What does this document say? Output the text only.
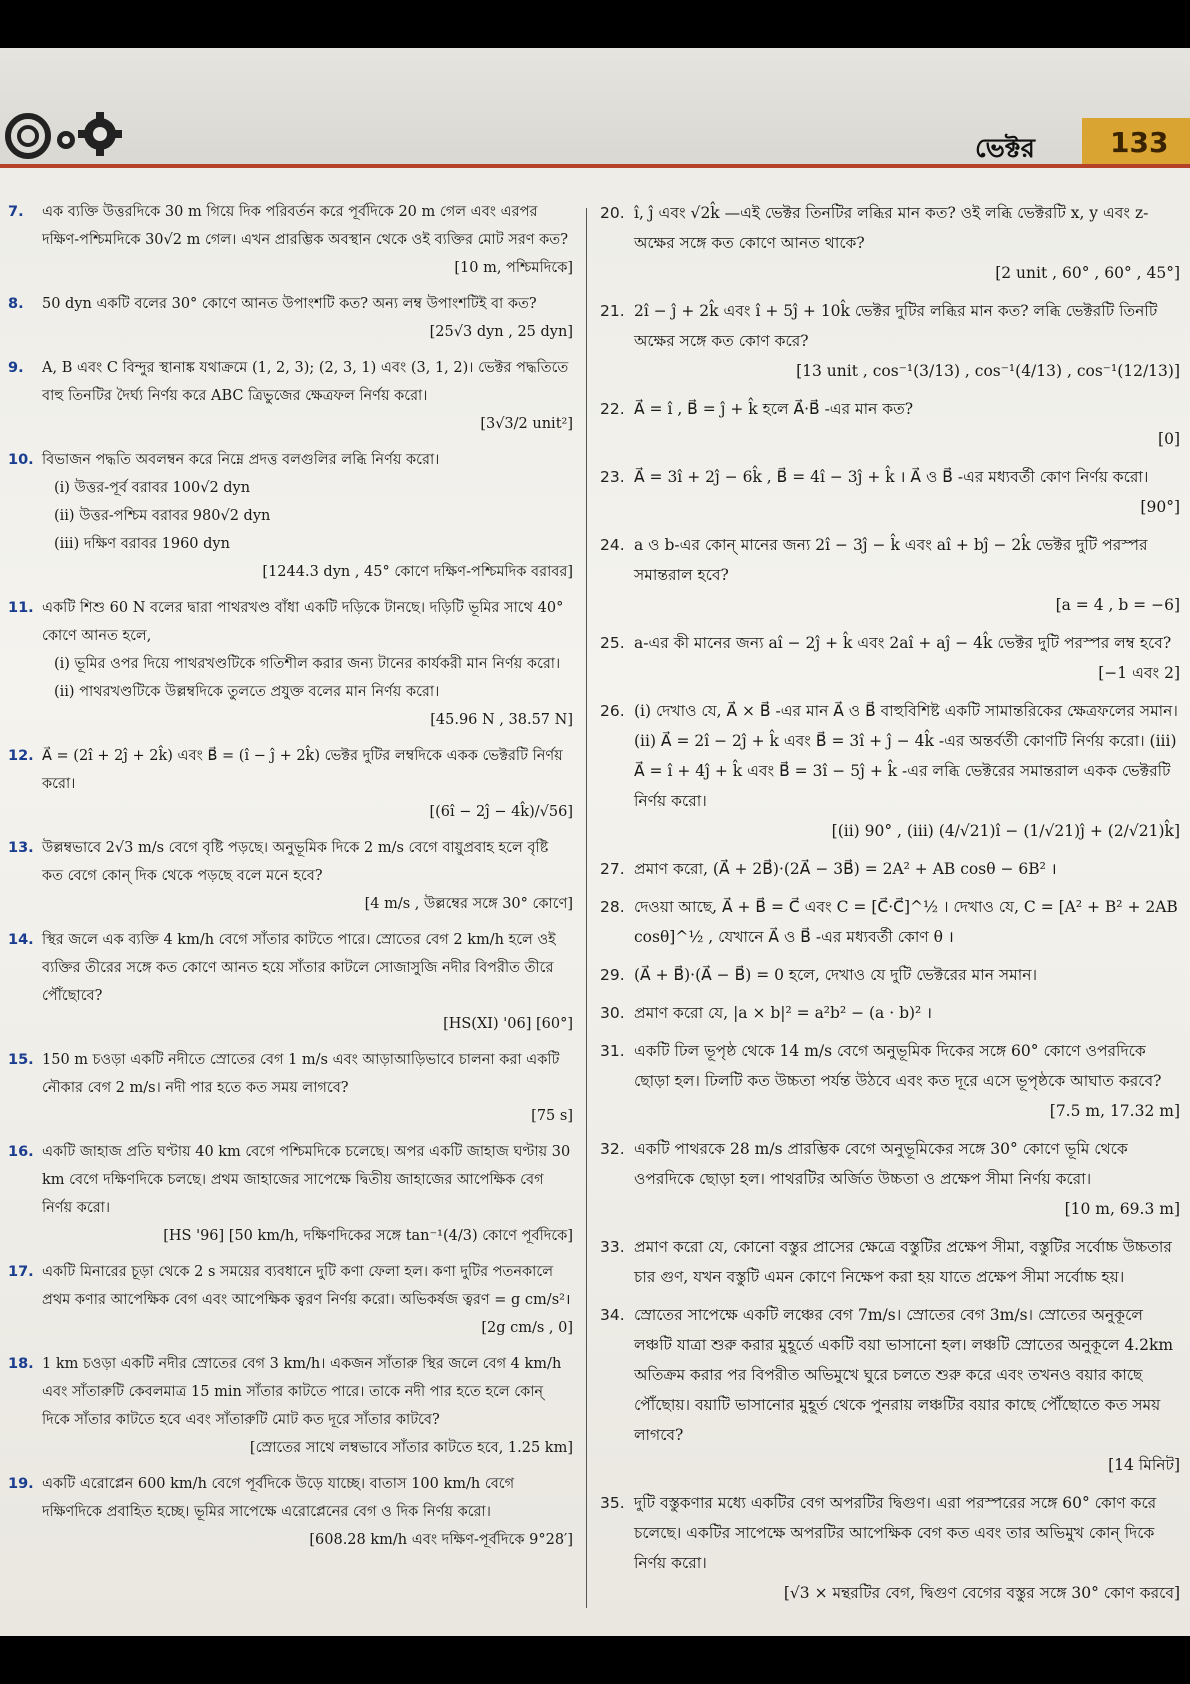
ভেক্টর	133
7.	এক ব্যক্তি উত্তরদিকে 30 m গিয়ে দিক পরিবর্তন করে পূর্বদিকে 20 m গেল এবং এরপর দক্ষিণ-পশ্চিমদিকে 30√2 m গেল। এখন প্রারম্ভিক অবস্থান থেকে ওই ব্যক্তির মোট সরণ কত?
[10 m, পশ্চিমদিকে]
8.	50 dyn একটি বলের 30° কোণে আনত উপাংশটি কত? অন্য লম্ব উপাংশটিই বা কত?
[25√3 dyn , 25 dyn]
9.	A, B এবং C বিন্দুর স্থানাঙ্ক যথাক্রমে (1, 2, 3); (2, 3, 1) এবং (3, 1, 2)। ভেক্টর পদ্ধতিতে বাহু তিনটির দৈর্ঘ্য নির্ণয় করে ABC ত্রিভুজের ক্ষেত্রফল নির্ণয় করো।
[3√3/2 unit²]
10. বিভাজন পদ্ধতি অবলম্বন করে নিম্নে প্রদত্ত বলগুলির লব্ধি নির্ণয় করো।
(i) উত্তর-পূর্ব বরাবর 100√2 dyn
(ii) উত্তর-পশ্চিম বরাবর 980√2 dyn
(iii) দক্ষিণ বরাবর 1960 dyn
[1244.3 dyn , 45° কোণে দক্ষিণ-পশ্চিমদিক বরাবর]
11. একটি শিশু 60 N বলের দ্বারা পাথরখণ্ড বাঁধা একটি দড়িকে টানছে। দড়িটি ভূমির সাথে 40° কোণে আনত হলে,
(i) ভূমির ওপর দিয়ে পাথরখণ্ডটিকে গতিশীল করার জন্য টানের কার্যকরী মান নির্ণয় করো।
(ii) পাথরখণ্ডটিকে উল্লম্বদিকে তুলতে প্রযুক্ত বলের মান নির্ণয় করো।
[45.96 N , 38.57 N]
12. A⃗ = (2î + 2ĵ + 2k̂) এবং B⃗ = (î − ĵ + 2k̂) ভেক্টর দুটির লম্বদিকে একক ভেক্টরটি নির্ণয় করো।
[(6î − 2ĵ − 4k̂)/√56]
13. উল্লম্বভাবে 2√3 m/s বেগে বৃষ্টি পড়ছে। অনুভূমিক দিকে 2 m/s বেগে বায়ুপ্রবাহ হলে বৃষ্টি কত বেগে কোন্ দিক থেকে পড়ছে বলে মনে হবে?
[4 m/s , উল্লম্বের সঙ্গে 30° কোণে]
14. স্থির জলে এক ব্যক্তি 4 km/h বেগে সাঁতার কাটতে পারে। স্রোতের বেগ 2 km/h হলে ওই ব্যক্তির তীরের সঙ্গে কত কোণে আনত হয়ে সাঁতার কাটলে সোজাসুজি নদীর বিপরীত তীরে পৌঁছোবে?
[HS(XI) '06] [60°]
15. 150 m চওড়া একটি নদীতে স্রোতের বেগ 1 m/s এবং আড়াআড়িভাবে চালনা করা একটি নৌকার বেগ 2 m/s। নদী পার হতে কত সময় লাগবে?
[75 s]
16. একটি জাহাজ প্রতি ঘণ্টায় 40 km বেগে পশ্চিমদিকে চলেছে। অপর একটি জাহাজ ঘণ্টায় 30 km বেগে দক্ষিণদিকে চলছে। প্রথম জাহাজের সাপেক্ষে দ্বিতীয় জাহাজের আপেক্ষিক বেগ নির্ণয় করো।
[HS '96] [50 km/h, দক্ষিণদিকের সঙ্গে tan⁻¹(4/3) কোণে পূর্বদিকে]
17. একটি মিনারের চূড়া থেকে 2 s সময়ের ব্যবধানে দুটি কণা ফেলা হল। কণা দুটির পতনকালে প্রথম কণার আপেক্ষিক বেগ এবং আপেক্ষিক ত্বরণ নির্ণয় করো। অভিকর্ষজ ত্বরণ = g cm/s²।
[2g cm/s , 0]
18. 1 km চওড়া একটি নদীর স্রোতের বেগ 3 km/h। একজন সাঁতারু স্থির জলে বেগ 4 km/h এবং সাঁতারুটি কেবলমাত্র 15 min সাঁতার কাটতে পারে। তাকে নদী পার হতে হলে কোন্ দিকে সাঁতার কাটতে হবে এবং সাঁতারুটি মোট কত দূরে সাঁতার কাটবে?
[স্রোতের সাথে লম্বভাবে সাঁতার কাটতে হবে, 1.25 km]
19. একটি এরোপ্লেন 600 km/h বেগে পূর্বদিকে উড়ে যাচ্ছে। বাতাস 100 km/h বেগে দক্ষিণদিকে প্রবাহিত হচ্ছে। ভূমির সাপেক্ষে এরোপ্লেনের বেগ ও দিক নির্ণয় করো।
[608.28 km/h এবং দক্ষিণ-পূর্বদিকে 9°28′]
20. î, ĵ এবং √2k̂ —এই ভেক্টর তিনটির লব্ধির মান কত? ওই লব্ধি ভেক্টরটি x, y এবং z-অক্ষের সঙ্গে কত কোণে আনত থাকে?
[2 unit , 60° , 60° , 45°]
21. 2î − ĵ + 2k̂ এবং î + 5ĵ + 10k̂ ভেক্টর দুটির লব্ধির মান কত? লব্ধি ভেক্টরটি তিনটি অক্ষের সঙ্গে কত কোণ করে?
[13 unit , cos⁻¹(3/13) , cos⁻¹(4/13) , cos⁻¹(12/13)]
22. A⃗ = î , B⃗ = ĵ + k̂ হলে A⃗·B⃗ -এর মান কত?
[0]
23. A⃗ = 3î + 2ĵ − 6k̂ , B⃗ = 4î − 3ĵ + k̂ । A⃗ ও B⃗ -এর মধ্যবর্তী কোণ নির্ণয় করো।
[90°]
24. a ও b-এর কোন্ মানের জন্য 2î − 3ĵ − k̂ এবং aî + bĵ − 2k̂ ভেক্টর দুটি পরস্পর সমান্তরাল হবে?
[a = 4 , b = −6]
25. a-এর কী মানের জন্য aî − 2ĵ + k̂ এবং 2aî + aĵ − 4k̂ ভেক্টর দুটি পরস্পর লম্ব হবে?
[−1 এবং 2]
26. (i) দেখাও যে, A⃗ × B⃗ -এর মান A⃗ ও B⃗ বাহুবিশিষ্ট একটি সামান্তরিকের ক্ষেত্রফলের সমান। (ii) A⃗ = 2î − 2ĵ + k̂ এবং B⃗ = 3î + ĵ − 4k̂ -এর অন্তর্বর্তী কোণটি নির্ণয় করো। (iii) A⃗ = î + 4ĵ + k̂ এবং B⃗ = 3î − 5ĵ + k̂ -এর লব্ধি ভেক্টরের সমান্তরাল একক ভেক্টরটি নির্ণয় করো।
[(ii) 90° , (iii) (4/√21)î − (1/√21)ĵ + (2/√21)k̂]
27. প্রমাণ করো, (A⃗ + 2B⃗)·(2A⃗ − 3B⃗) = 2A² + AB cosθ − 6B² ।
28. দেওয়া আছে, A⃗ + B⃗ = C⃗ এবং C = [C⃗·C⃗]^½ । দেখাও যে, C = [A² + B² + 2AB cosθ]^½ , যেখানে A⃗ ও B⃗ -এর মধ্যবর্তী কোণ θ ।
29. (A⃗ + B⃗)·(A⃗ − B⃗) = 0 হলে, দেখাও যে দুটি ভেক্টরের মান সমান।
30. প্রমাণ করো যে, |a × b|² = a²b² − (a · b)² ।
31. একটি ঢিল ভূপৃষ্ঠ থেকে 14 m/s বেগে অনুভূমিক দিকের সঙ্গে 60° কোণে ওপরদিকে ছোড়া হল। ঢিলটি কত উচ্চতা পর্যন্ত উঠবে এবং কত দূরে এসে ভূপৃষ্ঠকে আঘাত করবে?
[7.5 m, 17.32 m]
32. একটি পাথরকে 28 m/s প্রারম্ভিক বেগে অনুভূমিকের সঙ্গে 30° কোণে ভূমি থেকে ওপরদিকে ছোড়া হল। পাথরটির অর্জিত উচ্চতা ও প্রক্ষেপ সীমা নির্ণয় করো।
[10 m, 69.3 m]
33. প্রমাণ করো যে, কোনো বস্তুর প্রাসের ক্ষেত্রে বস্তুটির প্রক্ষেপ সীমা, বস্তুটির সর্বোচ্চ উচ্চতার চার গুণ, যখন বস্তুটি এমন কোণে নিক্ষেপ করা হয় যাতে প্রক্ষেপ সীমা সর্বোচ্চ হয়।
34. স্রোতের সাপেক্ষে একটি লঞ্চের বেগ 7m/s। স্রোতের বেগ 3m/s। স্রোতের অনুকূলে লঞ্চটি যাত্রা শুরু করার মুহূর্তে একটি বয়া ভাসানো হল। লঞ্চটি স্রোতের অনুকূলে 4.2km অতিক্রম করার পর বিপরীত অভিমুখে ঘুরে চলতে শুরু করে এবং তখনও বয়ার কাছে পৌঁছোয়। বয়াটি ভাসানোর মুহূর্ত থেকে পুনরায় লঞ্চটির বয়ার কাছে পৌঁছোতে কত সময় লাগবে?
[14 মিনিট]
35. দুটি বস্তুকণার মধ্যে একটির বেগ অপরটির দ্বিগুণ। এরা পরস্পরের সঙ্গে 60° কোণ করে চলেছে। একটির সাপেক্ষে অপরটির আপেক্ষিক বেগ কত এবং তার অভিমুখ কোন্ দিকে নির্ণয় করো।
[√3 × মন্থরটির বেগ, দ্বিগুণ বেগের বস্তুর সঙ্গে 30° কোণ করবে]
